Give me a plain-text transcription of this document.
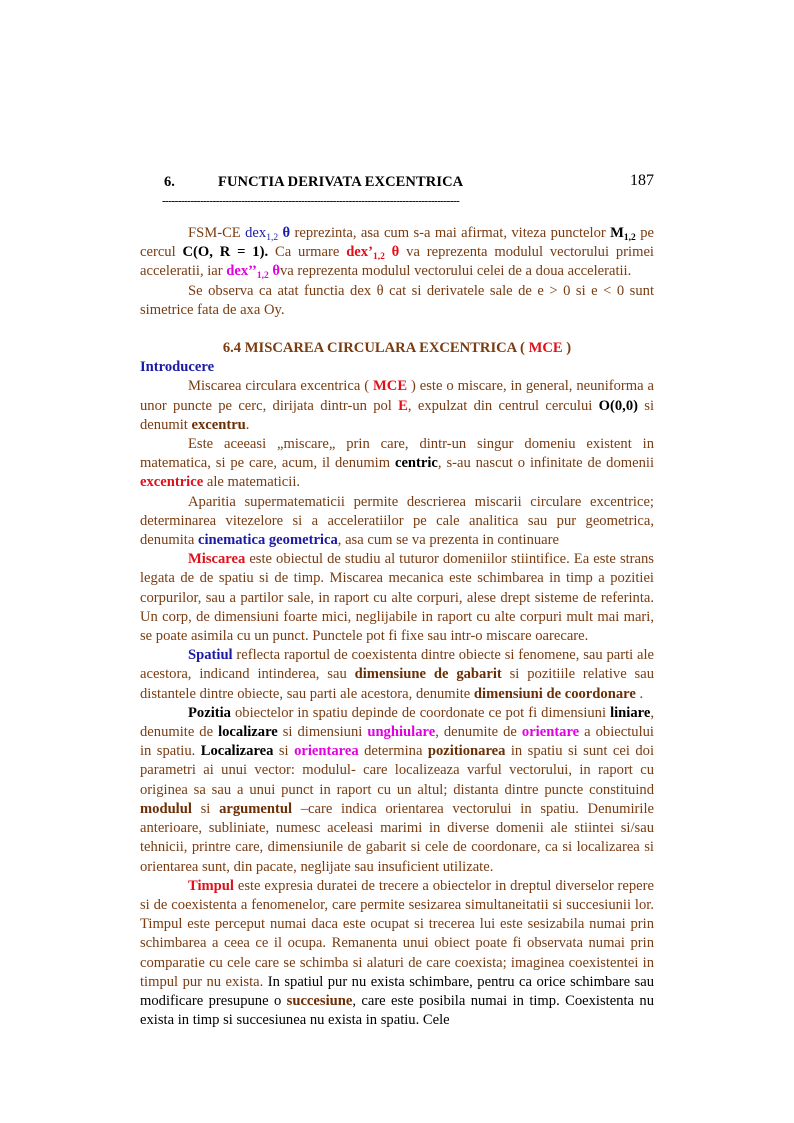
6.	FUNCTIA DERIVATA EXCENTRICA	187
----------------------------------------------------------------------------------------------

FSM-CE dex$_{1,2}$ θ reprezinta, asa cum s-a mai afirmat, viteza punctelor $M_{1,2}$ pe cercul C(O, R = 1). Ca urmare $dex’_{1,2}$ θ va reprezenta modulul vectorului primei acceleratii, iar $dex’’_{1,2}$ θva reprezenta modulul vectorului celei de a doua acceleratii.

Se observa ca atat functia dex θ cat si derivatele sale de e > 0 si e < 0 sunt simetrice fata de axa Oy.

6.4 MISCAREA CIRCULARA EXCENTRICA ( MCE )

Introducere

Miscarea circulara excentrica ( MCE ) este o miscare, in general, neuniforma a unor puncte pe cerc, dirijata dintr-un pol E, expulzat din centrul cercului O(0,0) si denumit excentru.

Este aceeasi „miscare„ prin care, dintr-un singur domeniu existent in matematica, si pe care, acum, il denumim centric, s-au nascut o infinitate de domenii excentrice ale matematicii.

Aparitia supermatematicii permite descrierea miscarii circulare excentrice; determinarea vitezelore si a acceleratiilor pe cale analitica sau pur geometrica, denumita cinematica geometrica, asa cum se va prezenta in continuare

Miscarea este obiectul de studiu al tuturor domeniilor stiintifice. Ea este strans legata de de spatiu si de timp. Miscarea mecanica este schimbarea in timp a pozitiei corpurilor, sau a partilor sale, in raport cu alte corpuri, alese drept sisteme de referinta. Un corp, de dimensiuni foarte mici, neglijabile in raport cu alte corpuri mult mai mari, se poate asimila cu un punct. Punctele pot fi fixe sau intr-o miscare oarecare.

Spatiul reflecta raportul de coexistenta dintre obiecte si fenomene, sau parti ale acestora, indicand intinderea, sau dimensiune de gabarit si pozitiile relative sau distantele dintre obiecte, sau parti ale acestora, denumite dimensiuni de coordonare .

Pozitia obiectelor in spatiu depinde de coordonate ce pot fi dimensiuni liniare, denumite de localizare si dimensiuni unghiulare, denumite de orientare a obiectului in spatiu. Localizarea si orientarea determina pozitionarea in spatiu si sunt cei doi parametri ai unui vector: modulul- care localizeaza varful vectorului, in raport cu originea sa sau a unui punct in raport cu un altul; distanta dintre puncte constituind modulul si argumentul –care indica orientarea vectorului in spatiu. Denumirile anterioare, subliniate, numesc aceleasi marimi in diverse domenii ale stiintei si/sau tehnicii, printre care, dimensiunile de gabarit si cele de coordonare, ca si localizarea si orientarea sunt, din pacate, neglijate sau insuficient utilizate.

Timpul este expresia duratei de trecere a obiectelor in dreptul diverselor repere si de coexistenta a fenomenelor, care permite sesizarea simultaneitatii si succesiunii lor. Timpul este perceput numai daca este ocupat si trecerea lui este sesizabila numai prin schimbarea a ceea ce il ocupa. Remanenta unui obiect poate fi observata numai prin comparatie cu cele care se schimba si alaturi de care coexista; imaginea coexistentei in timpul pur nu exista. In spatiul pur nu exista schimbare, pentru ca orice schimbare sau modificare presupune o succesiune, care este posibila numai in timp. Coexistenta nu exista in timp si succesiunea nu exista in spatiu. Cele
